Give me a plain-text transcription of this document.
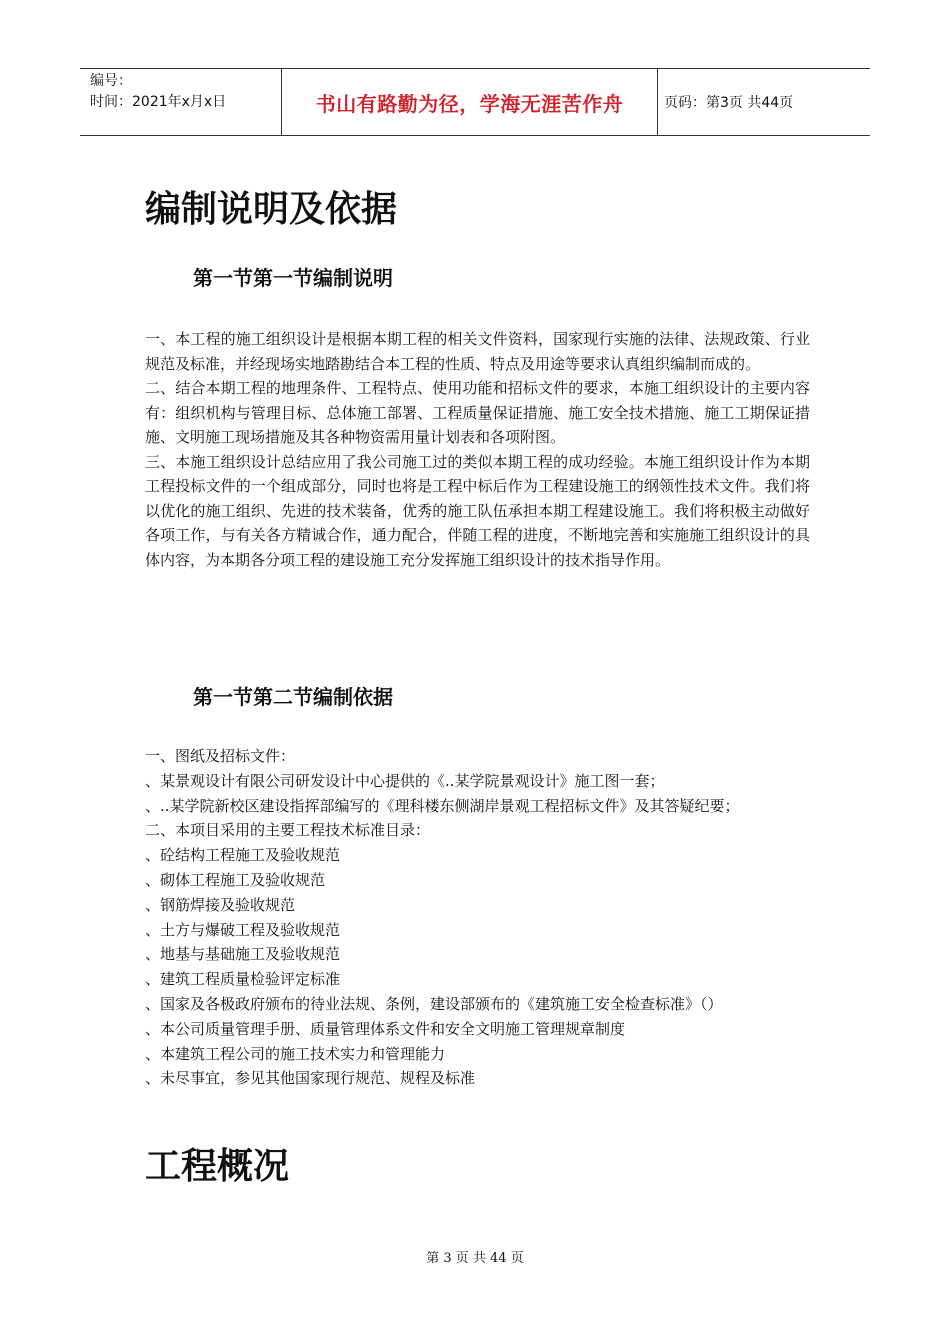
编号：
时间：2021年x月x日	书山有路勤为径，学海无涯苦作舟	页码：第3页 共44页
编制说明及依据
第一节第一节编制说明

一、本工程的施工组织设计是根据本期工程的相关文件资料，国家现行实施的法律、法规政策、行业规范及标准，并经现场实地踏勘结合本工程的性质、特点及用途等要求认真组织编制而成的。

二、结合本期工程的地理条件、工程特点、使用功能和招标文件的要求，本施工组织设计的主要内容有：组织机构与管理目标、总体施工部署、工程质量保证措施、施工安全技术措施、施工工期保证措施、文明施工现场措施及其各种物资需用量计划表和各项附图。

三、本施工组织设计总结应用了我公司施工过的类似本期工程的成功经验。本施工组织设计作为本期工程投标文件的一个组成部分，同时也将是工程中标后作为工程建设施工的纲领性技术文件。我们将以优化的施工组织、先进的技术装备，优秀的施工队伍承担本期工程建设施工。我们将积极主动做好各项工作，与有关各方精诚合作，通力配合，伴随工程的进度，不断地完善和实施施工组织设计的具体内容，为本期各分项工程的建设施工充分发挥施工组织设计的技术指导作用。

第一节第二节编制依据
一、图纸及招标文件：
、某景观设计有限公司研发设计中心提供的《..某学院景观设计》施工图一套；
、..某学院新校区建设指挥部编写的《理科楼东侧湖岸景观工程招标文件》及其答疑纪要；
二、本项目采用的主要工程技术标准目录：
、砼结构工程施工及验收规范
、砌体工程施工及验收规范
、钢筋焊接及验收规范
、土方与爆破工程及验收规范
、地基与基础施工及验收规范
、建筑工程质量检验评定标准
、国家及各极政府颁布的待业法规、条例，建设部颁布的《建筑施工安全检查标准》（）
、本公司质量管理手册、质量管理体系文件和安全文明施工管理规章制度
、本建筑工程公司的施工技术实力和管理能力
、未尽事宜，参见其他国家现行规范、规程及标准
工程概况
第 3 页 共 44 页
